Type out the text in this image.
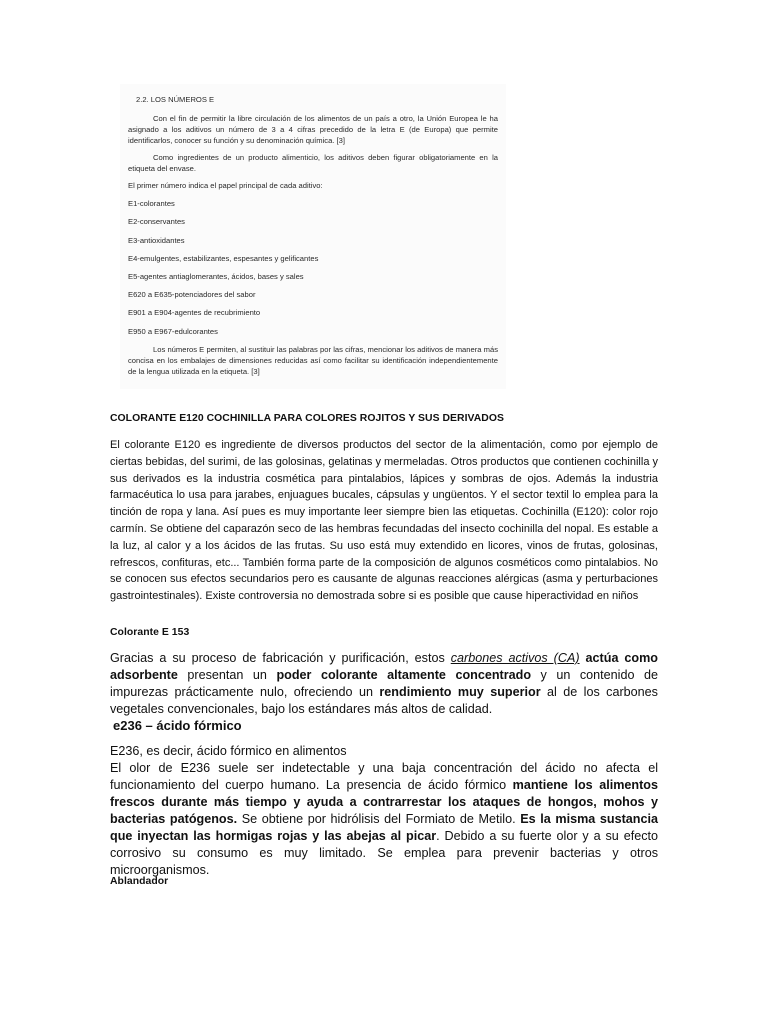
2.2. LOS NÚMEROS E

Con el fin de permitir la libre circulación de los alimentos de un país a otro, la Unión Europea le ha asignado a los aditivos un número de 3 a 4 cifras precedido de la letra E (de Europa) que permite identificarlos, conocer su función y su denominación química. [3]

Como ingredientes de un producto alimenticio, los aditivos deben figurar obligatoriamente en la etiqueta del envase.

El primer número indica el papel principal de cada aditivo:
E1-colorantes
E2-conservantes
E3-antioxidantes
E4-emulgentes, estabilizantes, espesantes y gelificantes
E5-agentes antiaglomerantes, ácidos, bases y sales
E620 a E635-potenciadores del sabor
E901 a E904-agentes de recubrimiento
E950 a E967-edulcorantes

Los números E permiten, al sustituir las palabras por las cifras, mencionar los aditivos de manera más concisa en los embalajes de dimensiones reducidas así como facilitar su identificación independientemente de la lengua utilizada en la etiqueta. [3]

COLORANTE E120 COCHINILLA PARA COLORES ROJITOS Y SUS DERIVADOS
El colorante E120 es ingrediente de diversos productos del sector de la alimentación, como por ejemplo de ciertas bebidas, del surimi, de las golosinas, gelatinas y mermeladas. Otros productos que contienen cochinilla y sus derivados es la industria cosmética para pintalabios, lápices y sombras de ojos. Además la industria farmacéutica lo usa para jarabes, enjuagues bucales, cápsulas y ungüentos. Y el sector textil lo emplea para la tinción de ropa y lana. Así pues es muy importante leer siempre bien las etiquetas. Cochinilla (E120): color rojo carmín. Se obtiene del caparazón seco de las hembras fecundadas del insecto cochinilla del nopal. Es estable a la luz, al calor y a los ácidos de las frutas. Su uso está muy extendido en licores, vinos de frutas, golosinas, refrescos, confituras, etc... También forma parte de la composición de algunos cosméticos como pintalabios. No se conocen sus efectos secundarios pero es causante de algunas reacciones alérgicas (asma y perturbaciones gastrointestinales). Existe controversia no demostrada sobre si es posible que cause hiperactividad en niños
Colorante E 153
Gracias a su proceso de fabricación y purificación, estos carbones activos (CA) actúa como adsorbente presentan un poder colorante altamente concentrado y un contenido de impurezas prácticamente nulo, ofreciendo un rendimiento muy superior al de los carbones vegetales convencionales, bajo los estándares más altos de calidad.
e236 – ácido fórmico
E236, es decir, ácido fórmico en alimentos
El olor de E236 suele ser indetectable y una baja concentración del ácido no afecta el funcionamiento del cuerpo humano. La presencia de ácido fórmico mantiene los alimentos frescos durante más tiempo y ayuda a contrarrestar los ataques de hongos, mohos y bacterias patógenos. Se obtiene por hidrólisis del Formiato de Metilo. Es la misma sustancia que inyectan las hormigas rojas y las abejas al picar. Debido a su fuerte olor y a su efecto corrosivo su consumo es muy limitado. Se emplea para prevenir bacterias y otros microorganismos.
Ablandador
